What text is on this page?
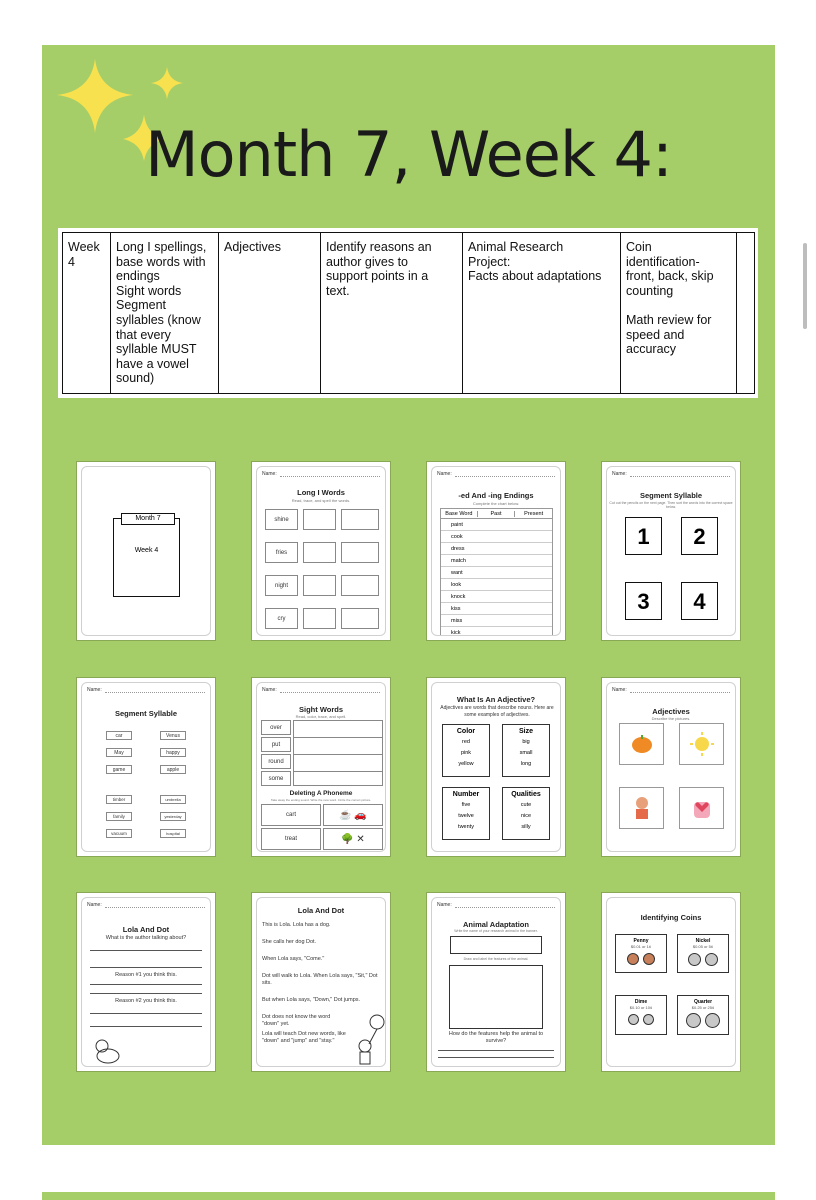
Month 7, Week 4:
Week
4	Long I spellings,
base words with
endings
Sight words
Segment
syllables (know
that every
syllable MUST
have a vowel
sound)	Adjectives	Identify reasons an
author gives to
support points in a
text.	Animal Research
Project:
Facts about adaptations	Coin
identification-
front, back, skip
counting

Math review for
speed and
accuracy	
Month 7
Week 4
Name:
Long I Words
Read, trace, and spell the words.
shine
fries
night
cry
Name:
-ed And -ing Endings
Complete the chart below.
Base Word	Past	Present
paint
cook
dress
match
want
look
knock
kiss
miss
kick
Name:
Segment Syllable
Cut out the pencils on the next page. Then sort the words into the correct space below.
1	2
3	4
Name:
Segment Syllable
car
May
game
timber
family
vacuum
Venus
happy
apple
umbrella
yesterday
hospital
Name:
Sight Words
Read, color, trace, and spell.
over
put
round
some
Deleting A Phoneme
Take away the ending sound. Write the new word. Circle the correct picture.
cart
treat
☕ 🚗
🌳 ✕
What Is An Adjective?
Adjectives are words that describe nouns. Here are some examples of adjectives.
Color
red
pink
yellow
Size
big
small
long
Number
five
twelve
twenty
Qualities
cute
nice
silly
Name:
Adjectives
Describe the pictures.
Name:
Lola And Dot
What is the author talking about?
Reason #1 you think this.
Reason #2 you think this.
Lola And Dot
This is Lola. Lola has a dog.
She calls her dog Dot.
When Lola says, "Come."
Dot will walk to Lola. When Lola says, "Sit," Dot sits.
But when Lola says, "Down," Dot jumps.
Dot does not know the word "down" yet.
Lola will teach Dot new words, like "down" and "jump" and "stay."
Name:
Animal Adaptation
Write the name of your research animal in the banner.
Draw and label the features of the animal.
How do the features help the animal to survive?
Identifying Coins
Penny
$0.01 or 1¢
Nickel
$0.05 or 5¢
Dime
$0.10 or 10¢
Quarter
$0.25 or 25¢
